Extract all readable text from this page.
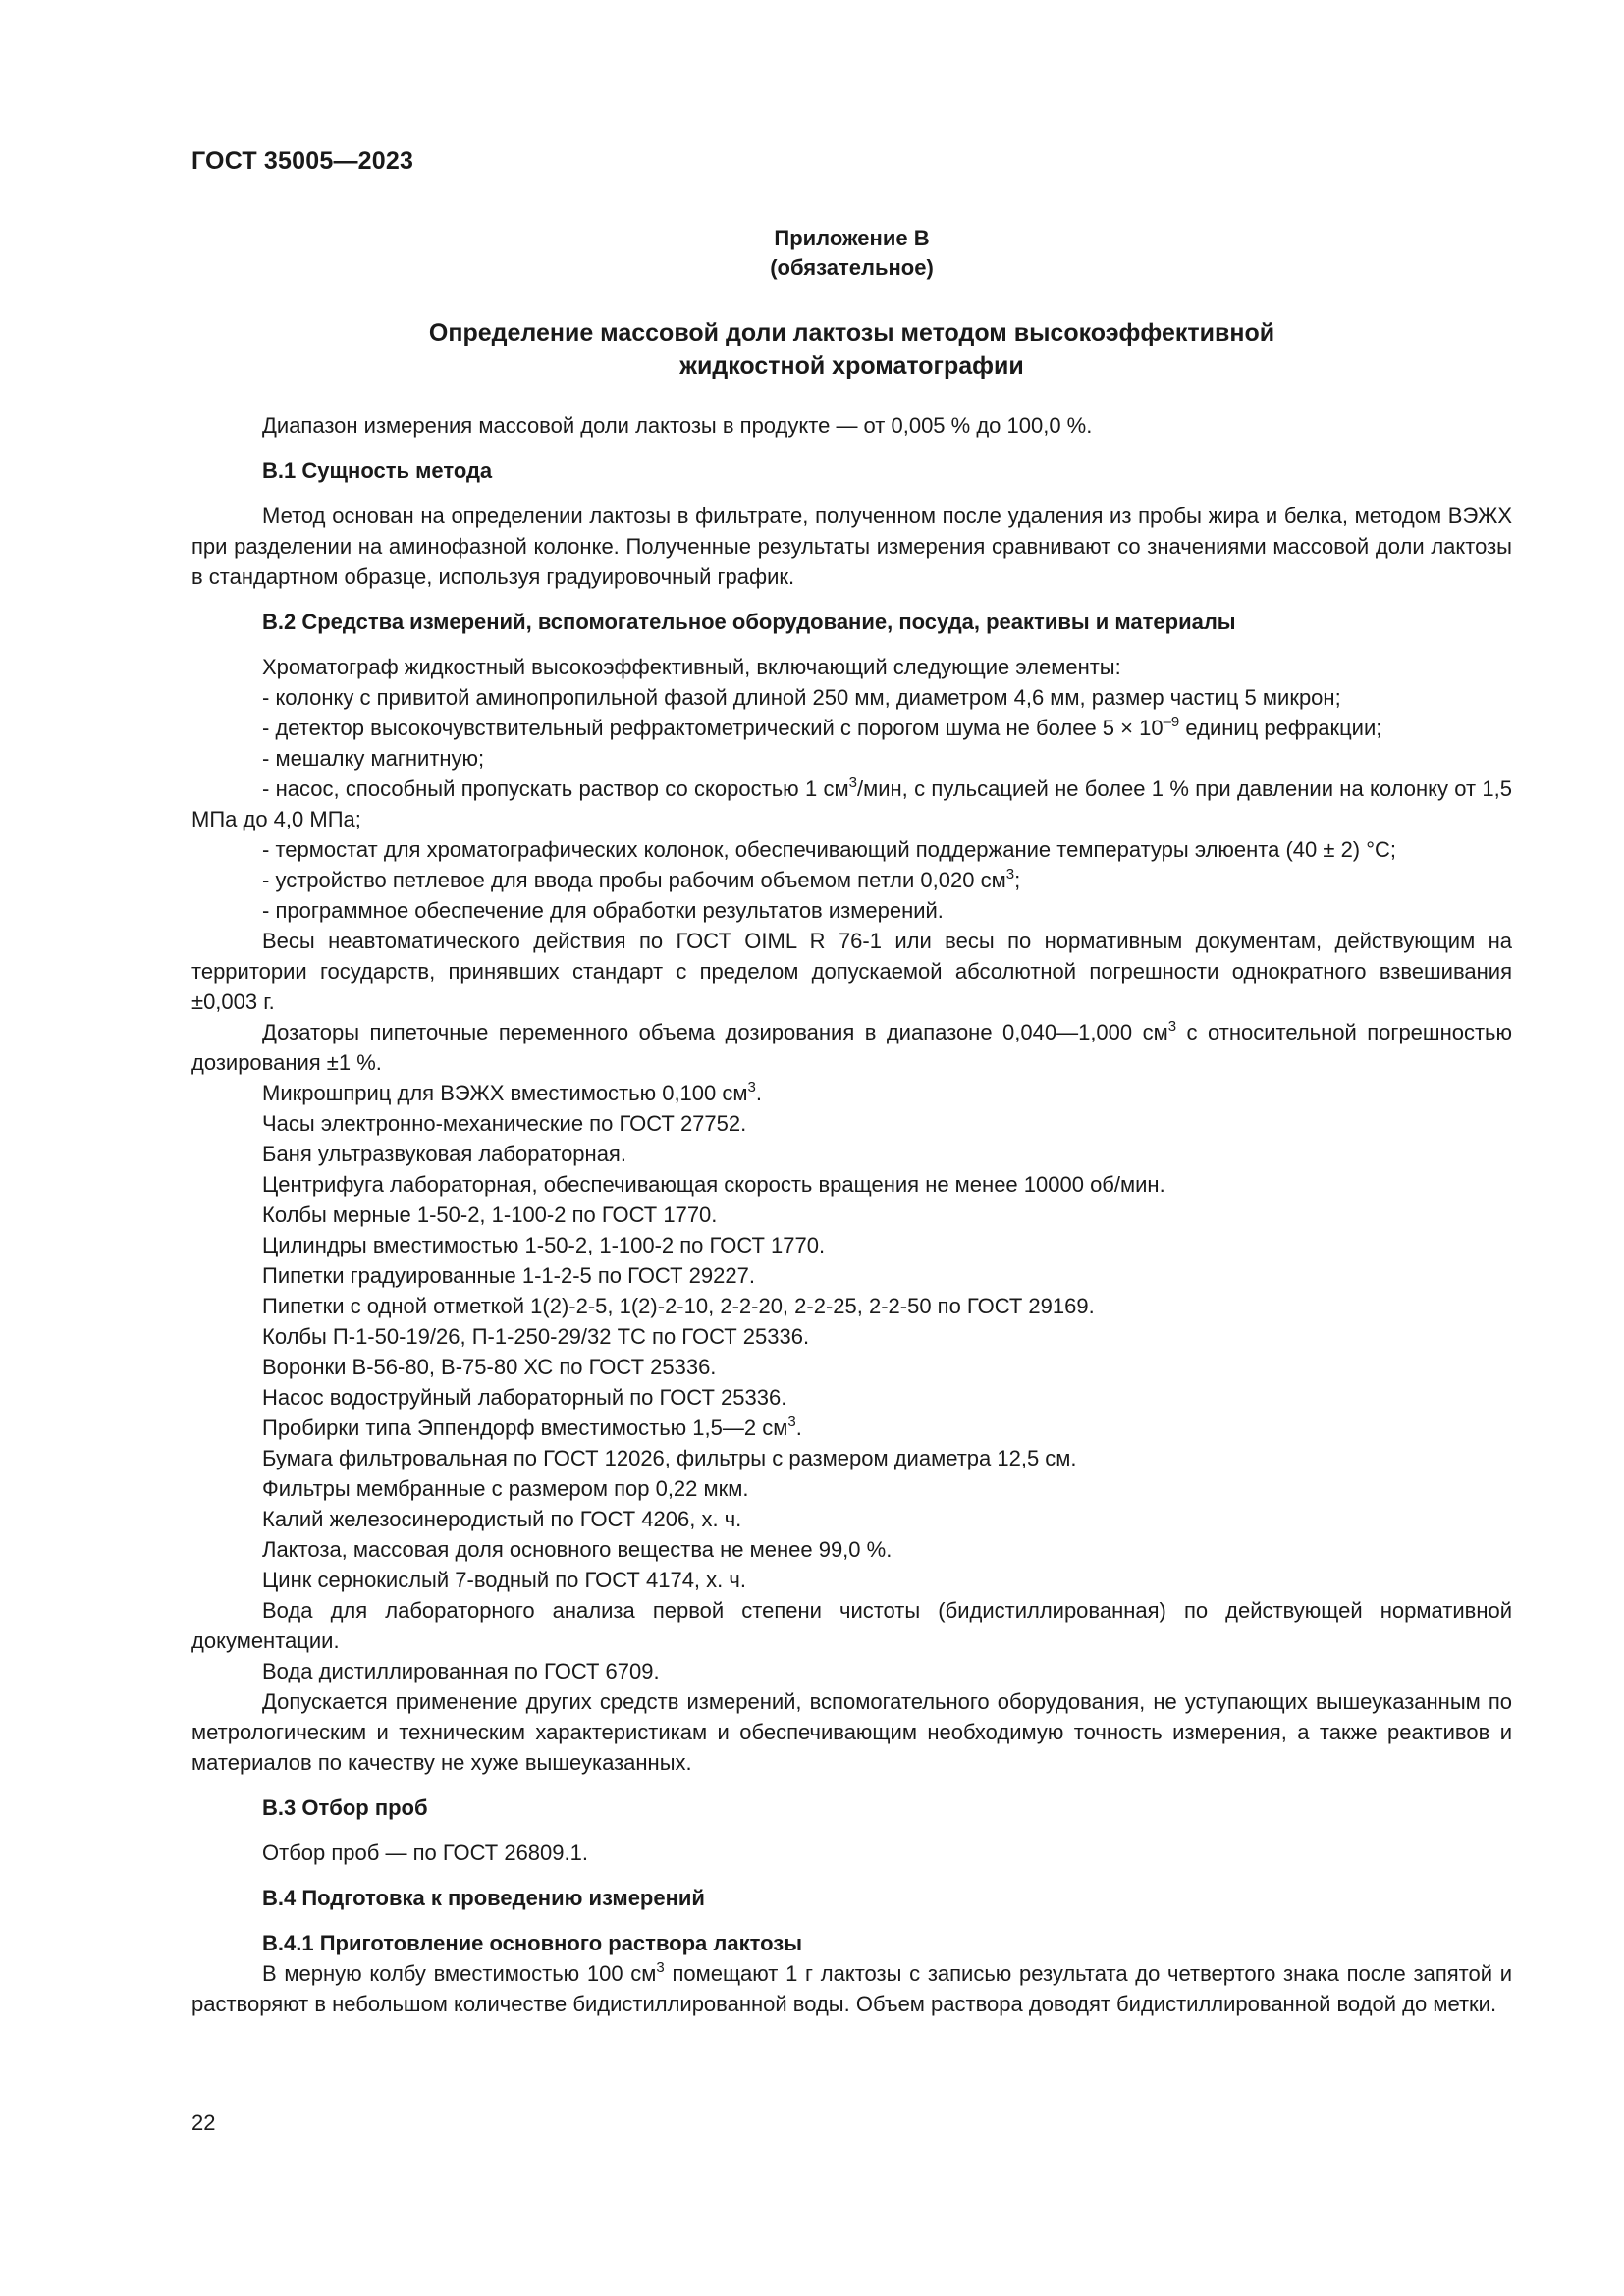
ГОСТ 35005—2023
Приложение В
(обязательное)
Определение массовой доли лактозы методом высокоэффективной
жидкостной хроматографии

Диапазон измерения массовой доли лактозы в продукте — от 0,005 % до 100,0 %.

В.1 Сущность метода

Метод основан на определении лактозы в фильтрате, полученном после удаления из пробы жира и белка, методом ВЭЖХ при разделении на аминофазной колонке. Полученные результаты измерения сравнивают со значениями массовой доли лактозы в стандартном образце, используя градуировочный график.

В.2 Средства измерений, вспомогательное оборудование, посуда, реактивы и материалы

Хроматограф жидкостный высокоэффективный, включающий следующие элементы:

- колонку с привитой аминопропильной фазой длиной 250 мм, диаметром 4,6 мм, размер частиц 5 микрон;

- детектор высокочувствительный рефрактометрический с порогом шума не более $5 \times 10^{-9}$ единиц рефракции;

- мешалку магнитную;

- насос, способный пропускать раствор со скоростью 1 $см^3$/мин, с пульсацией не более 1 % при давлении на колонку от 1,5 МПа до 4,0 МПа;

- термостат для хроматографических колонок, обеспечивающий поддержание температуры элюента (40 ± 2) °С;

- устройство петлевое для ввода пробы рабочим объемом петли 0,020 $см^3$;

- программное обеспечение для обработки результатов измерений.

Весы неавтоматического действия по ГОСТ OIML R 76-1 или весы по нормативным документам, действующим на территории государств, принявших стандарт с пределом допускаемой абсолютной погрешности однократного взвешивания ±0,003 г.

Дозаторы пипеточные переменного объема дозирования в диапазоне 0,040—1,000 $см^3$ с относительной погрешностью дозирования ±1 %.

Микрошприц для ВЭЖХ вместимостью 0,100 $см^3$.

Часы электронно-механические по ГОСТ 27752.

Баня ультразвуковая лабораторная.

Центрифуга лабораторная, обеспечивающая скорость вращения не менее 10000 об/мин.

Колбы мерные 1-50-2, 1-100-2 по ГОСТ 1770.

Цилиндры вместимостью 1-50-2, 1-100-2 по ГОСТ 1770.

Пипетки градуированные 1-1-2-5 по ГОСТ 29227.

Пипетки с одной отметкой 1(2)-2-5, 1(2)-2-10, 2-2-20, 2-2-25, 2-2-50 по ГОСТ 29169.

Колбы П-1-50-19/26, П-1-250-29/32 ТС по ГОСТ 25336.

Воронки В-56-80, В-75-80 ХС по ГОСТ 25336.

Насос водоструйный лабораторный по ГОСТ 25336.

Пробирки типа Эппендорф вместимостью 1,5—2 $см^3$.

Бумага фильтровальная по ГОСТ 12026, фильтры с размером диаметра 12,5 см.

Фильтры мембранные с размером пор 0,22 мкм.

Калий железосинеродистый по ГОСТ 4206, х. ч.

Лактоза, массовая доля основного вещества не менее 99,0 %.

Цинк сернокислый 7-водный по ГОСТ 4174, х. ч.

Вода для лабораторного анализа первой степени чистоты (бидистиллированная) по действующей нормативной документации.

Вода дистиллированная по ГОСТ 6709.

Допускается применение других средств измерений, вспомогательного оборудования, не уступающих вышеуказанным по метрологическим и техническим характеристикам и обеспечивающим необходимую точность измерения, а также реактивов и материалов по качеству не хуже вышеуказанных.

В.3 Отбор проб

Отбор проб — по ГОСТ 26809.1.

В.4 Подготовка к проведению измерений

В.4.1 Приготовление основного раствора лактозы

В мерную колбу вместимостью 100 $см^3$ помещают 1 г лактозы с записью результата до четвертого знака после запятой и растворяют в небольшом количестве бидистиллированной воды. Объем раствора доводят бидистиллированной водой до метки.

22
